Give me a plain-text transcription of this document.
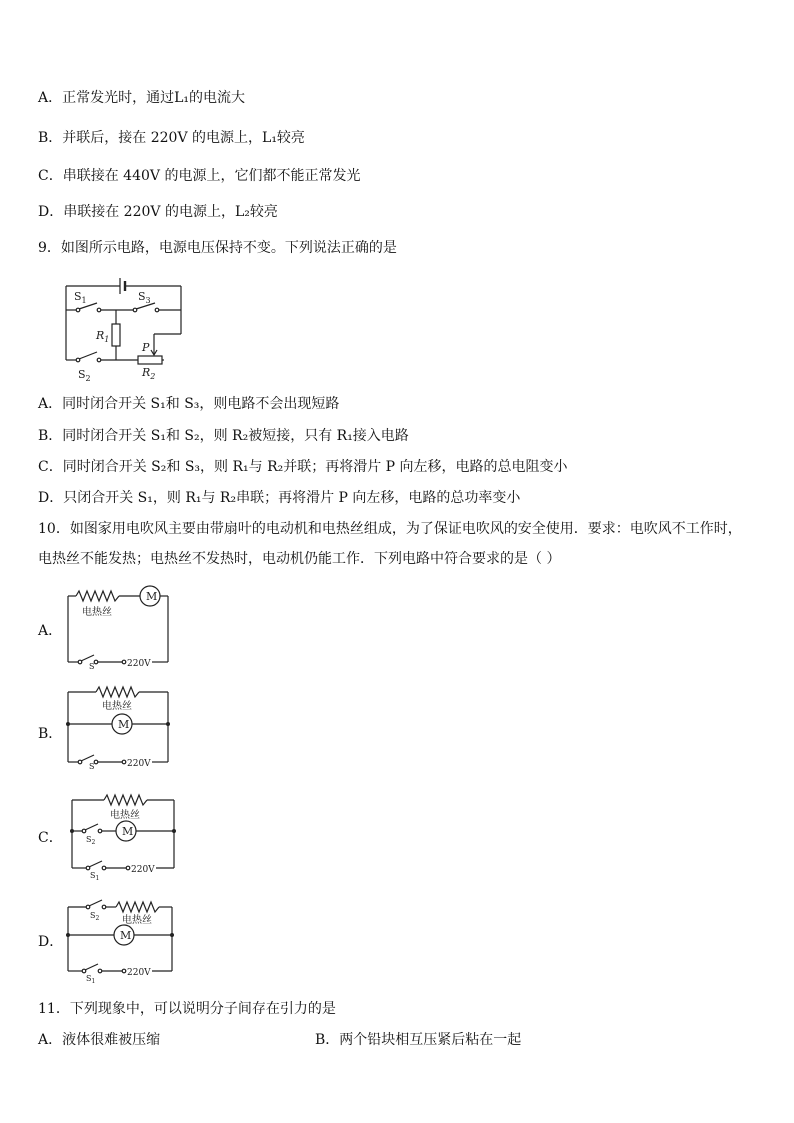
A．正常发光时，通过L₁的电流大
B．并联后，接在 220V 的电源上，L₁较亮
C．串联接在 440V 的电源上，它们都不能正常发光
D．串联接在 220V 的电源上，L₂较亮
9．如图所示电路，电源电压保持不变。下列说法正确的是
$S_1$	$S_3$
$R_1$
P
$S_2$	$R_2$
A．同时闭合开关 S₁和 S₃，则电路不会出现短路
B．同时闭合开关 S₁和 S₂，则 R₂被短接，只有 R₁接入电路
C．同时闭合开关 S₂和 S₃，则 R₁与 R₂并联；再将滑片 P 向左移，电路的总电阻变小
D．只闭合开关 S₁，则 R₁与 R₂串联；再将滑片 P 向左移，电路的总功率变小
10．如图家用电吹风主要由带扇叶的电动机和电热丝组成，为了保证电吹风的安全使用．要求：电吹风不工作时，电热丝不能发热；电热丝不发热时，电动机仍能工作．下列电路中符合要求的是（ ）
A．
M
电热丝
S	220V
B．
M
电热丝
S	220V
C．	M
电热丝
$S_2$
$S_1$
220V
D．	M
电热丝
$S_2$
$S_1$
220V
11．下列现象中，可以说明分子间存在引力的是
A．液体很难被压缩	B．两个铅块相互压紧后粘在一起
